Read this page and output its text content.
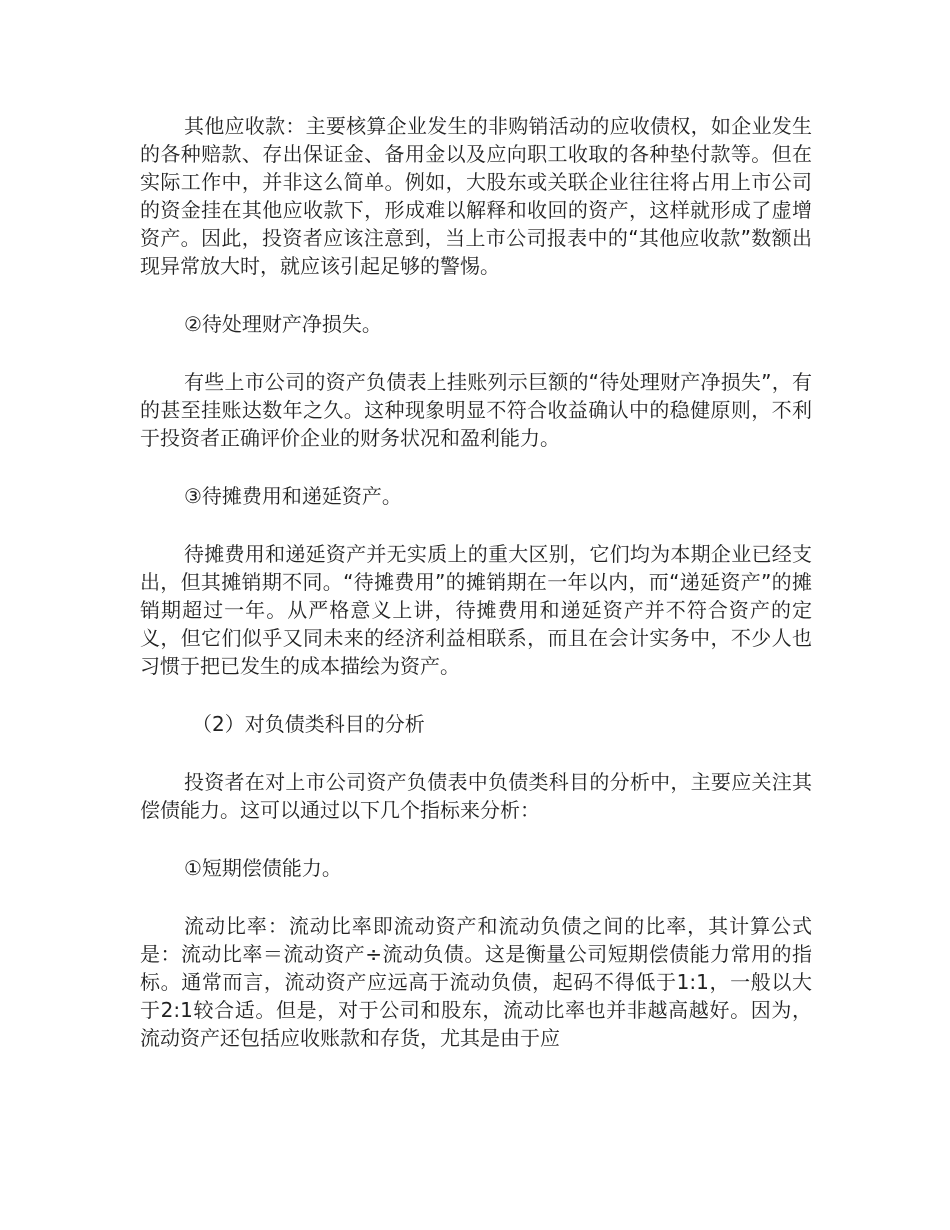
其他应收款：主要核算企业发生的非购销活动的应收债权，如企业发生的各种赔款、存出保证金、备用金以及应向职工收取的各种垫付款等。但在实际工作中，并非这么简单。例如，大股东或关联企业往往将占用上市公司的资金挂在其他应收款下，形成难以解释和收回的资产，这样就形成了虚增资产。因此，投资者应该注意到，当上市公司报表中的“其他应收款”数额出现异常放大时，就应该引起足够的警惕。

②待处理财产净损失。

有些上市公司的资产负债表上挂账列示巨额的“待处理财产净损失”，有的甚至挂账达数年之久。这种现象明显不符合收益确认中的稳健原则，不利于投资者正确评价企业的财务状况和盈利能力。

③待摊费用和递延资产。

待摊费用和递延资产并无实质上的重大区别，它们均为本期企业已经支出，但其摊销期不同。“待摊费用”的摊销期在一年以内，而“递延资产”的摊销期超过一年。从严格意义上讲，待摊费用和递延资产并不符合资产的定义，但它们似乎又同未来的经济利益相联系，而且在会计实务中，不少人也习惯于把已发生的成本描绘为资产。

（2）对负债类科目的分析

投资者在对上市公司资产负债表中负债类科目的分析中，主要应关注其偿债能力。这可以通过以下几个指标来分析：

①短期偿债能力。

流动比率：流动比率即流动资产和流动负债之间的比率，其计算公式是：流动比率＝流动资产÷流动负债。这是衡量公司短期偿债能力常用的指标。通常而言，流动资产应远高于流动负债，起码不得低于1:1，一般以大于2:1较合适。但是，对于公司和股东，流动比率也并非越高越好。因为，流动资产还包括应收账款和存货，尤其是由于应
